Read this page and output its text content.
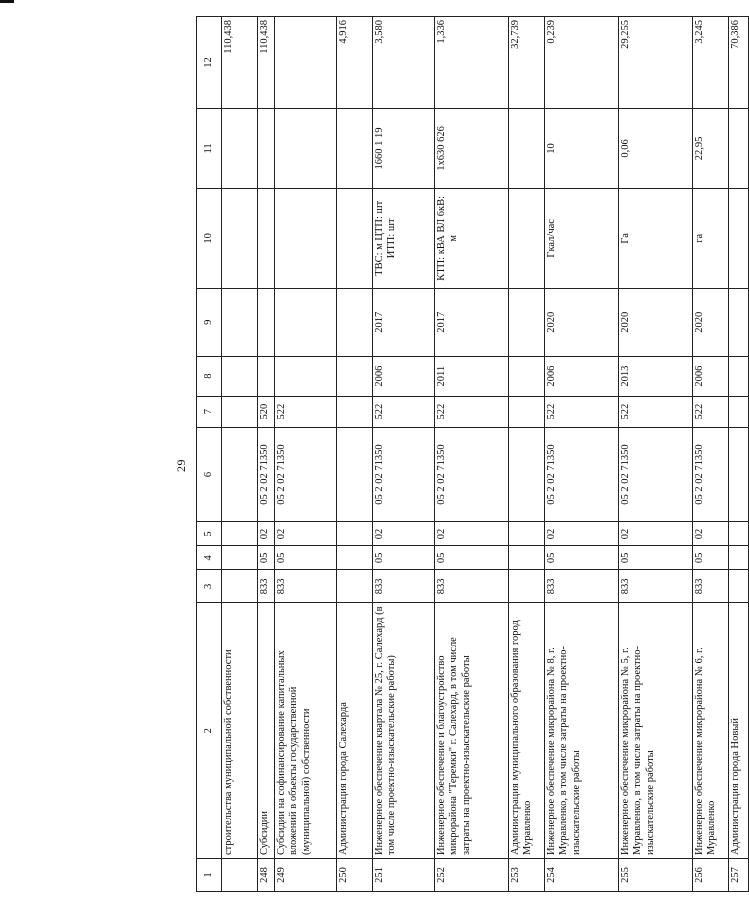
29
1	2	3	4	5	6	7	8	9	10	11	12
	строительства муниципальной собственности										110,438
248	Субсидии	833	05	02	05 2 02 71350	520					110,438
249	Субсидии на софинансирование капитальных вложений в объекты государственной (муниципальной) собственности	833	05	02	05 2 02 71350	522					
250	Администрация города Салехарда										4,916
251	Инженерное обеспечение квартала № 25, г. Салехард (в том числе проектно-изыскательские работы)	833	05	02	05 2 02 71350	522	2006	2017	ТВС: м ЦТП: шт ИТП: шт	1660 1 19	3,580
252	Инженерное обеспечение и благоустройство микрорайона "Теремки" г. Салехард, в том числе затраты на проектно-изыскательские работы	833	05	02	05 2 02 71350	522	2011	2017	КТП: кВА ВЛ 6кВ: м	1х630 626	1,336
253	Администрация муниципального образования город Муравленко										32,739
254	Инженерное обеспечение микрорайона № 8, г. Муравленко, в том числе затраты на проектно-изыскательские работы	833	05	02	05 2 02 71350	522	2006	2020	Гкал/час	10	0,239
255	Инженерное обеспечение микрорайона № 5, г. Муравленко, в том числе затраты на проектно-изыскательские работы	833	05	02	05 2 02 71350	522	2013	2020	Га	0,06	29,255
256	Инженерное обеспечение микрорайона № 6, г. Муравленко	833	05	02	05 2 02 71350	522	2006	2020	га	22,95	3,245
257	Администрация города Новый										70,386
